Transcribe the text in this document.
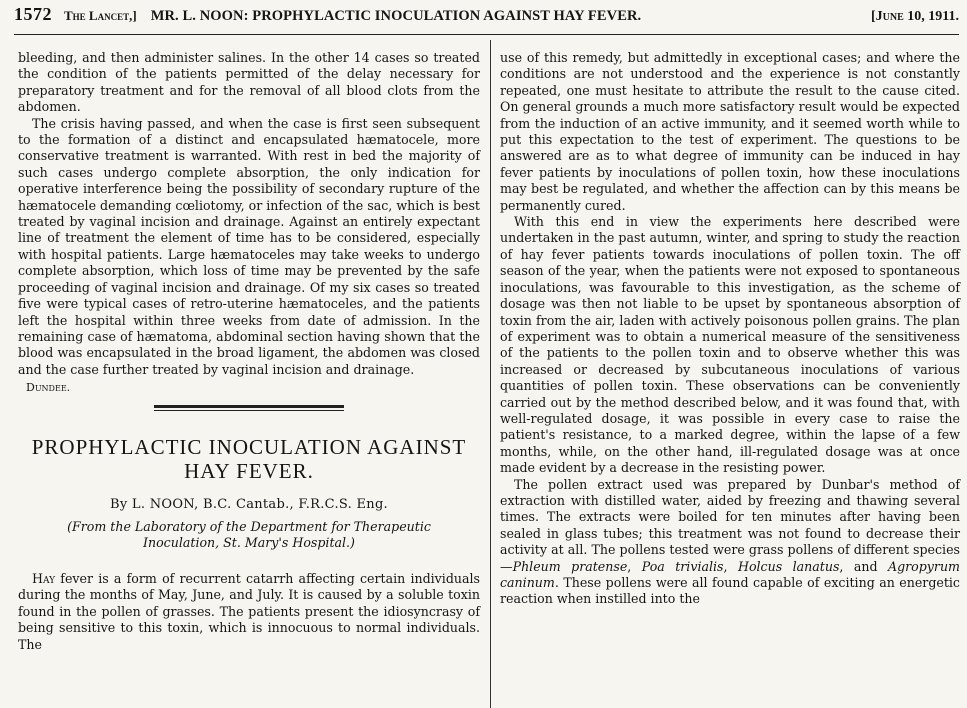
1572 The Lancet,] MR. L. NOON: PROPHYLACTIC INOCULATION AGAINST HAY FEVER.	[June 10, 1911.

bleeding, and then administer salines. In the other 14 cases so treated the condition of the patients permitted of the delay necessary for preparatory treatment and for the removal of all blood clots from the abdomen.

The crisis having passed, and when the case is first seen subsequent to the formation of a distinct and encapsulated hæmatocele, more conservative treatment is warranted. With rest in bed the majority of such cases undergo complete absorption, the only indication for operative interference being the possibility of secondary rupture of the hæmatocele demanding cœliotomy, or infection of the sac, which is best treated by vaginal incision and drainage. Against an entirely expectant line of treatment the element of time has to be considered, especially with hospital patients. Large hæmatoceles may take weeks to undergo complete absorption, which loss of time may be prevented by the safe proceeding of vaginal incision and drainage. Of my six cases so treated five were typical cases of retro-uterine hæmatoceles, and the patients left the hospital within three weeks from date of admission. In the remaining case of hæmatoma, abdominal section having shown that the blood was encapsulated in the broad ligament, the abdomen was closed and the case further treated by vaginal incision and drainage.

Dundee.
PROPHYLACTIC INOCULATION AGAINST
HAY FEVER.
By L. NOON, B.C. Cantab., F.R.C.S. Eng.
(From the Laboratory of the Department for Therapeutic
Inoculation, St. Mary's Hospital.)

Hay fever is a form of recurrent catarrh affecting certain individuals during the months of May, June, and July. It is caused by a soluble toxin found in the pollen of grasses. The patients present the idiosyncrasy of being sensitive to this toxin, which is innocuous to normal individuals. The

use of this remedy, but admittedly in exceptional cases; and where the conditions are not understood and the experience is not constantly repeated, one must hesitate to attribute the result to the cause cited. On general grounds a much more satisfactory result would be expected from the induction of an active immunity, and it seemed worth while to put this expectation to the test of experiment. The questions to be answered are as to what degree of immunity can be induced in hay fever patients by inoculations of pollen toxin, how these inoculations may best be regulated, and whether the affection can by this means be permanently cured.

With this end in view the experiments here described were undertaken in the past autumn, winter, and spring to study the reaction of hay fever patients towards inoculations of pollen toxin. The off season of the year, when the patients were not exposed to spontaneous inoculations, was favourable to this investigation, as the scheme of dosage was then not liable to be upset by spontaneous absorption of toxin from the air, laden with actively poisonous pollen grains. The plan of experiment was to obtain a numerical measure of the sensitiveness of the patients to the pollen toxin and to observe whether this was increased or decreased by subcutaneous inoculations of various quantities of pollen toxin. These observations can be conveniently carried out by the method described below, and it was found that, with well-regulated dosage, it was possible in every case to raise the patient's resistance, to a marked degree, within the lapse of a few months, while, on the other hand, ill-regulated dosage was at once made evident by a decrease in the resisting power.

The pollen extract used was prepared by Dunbar's method of extraction with distilled water, aided by freezing and thawing several times. The extracts were boiled for ten minutes after having been sealed in glass tubes; this treatment was not found to decrease their activity at all. The pollens tested were grass pollens of different species—Phleum pratense, Poa trivialis, Holcus lanatus, and Agropyrum caninum. These pollens were all found capable of exciting an energetic reaction when instilled into the
